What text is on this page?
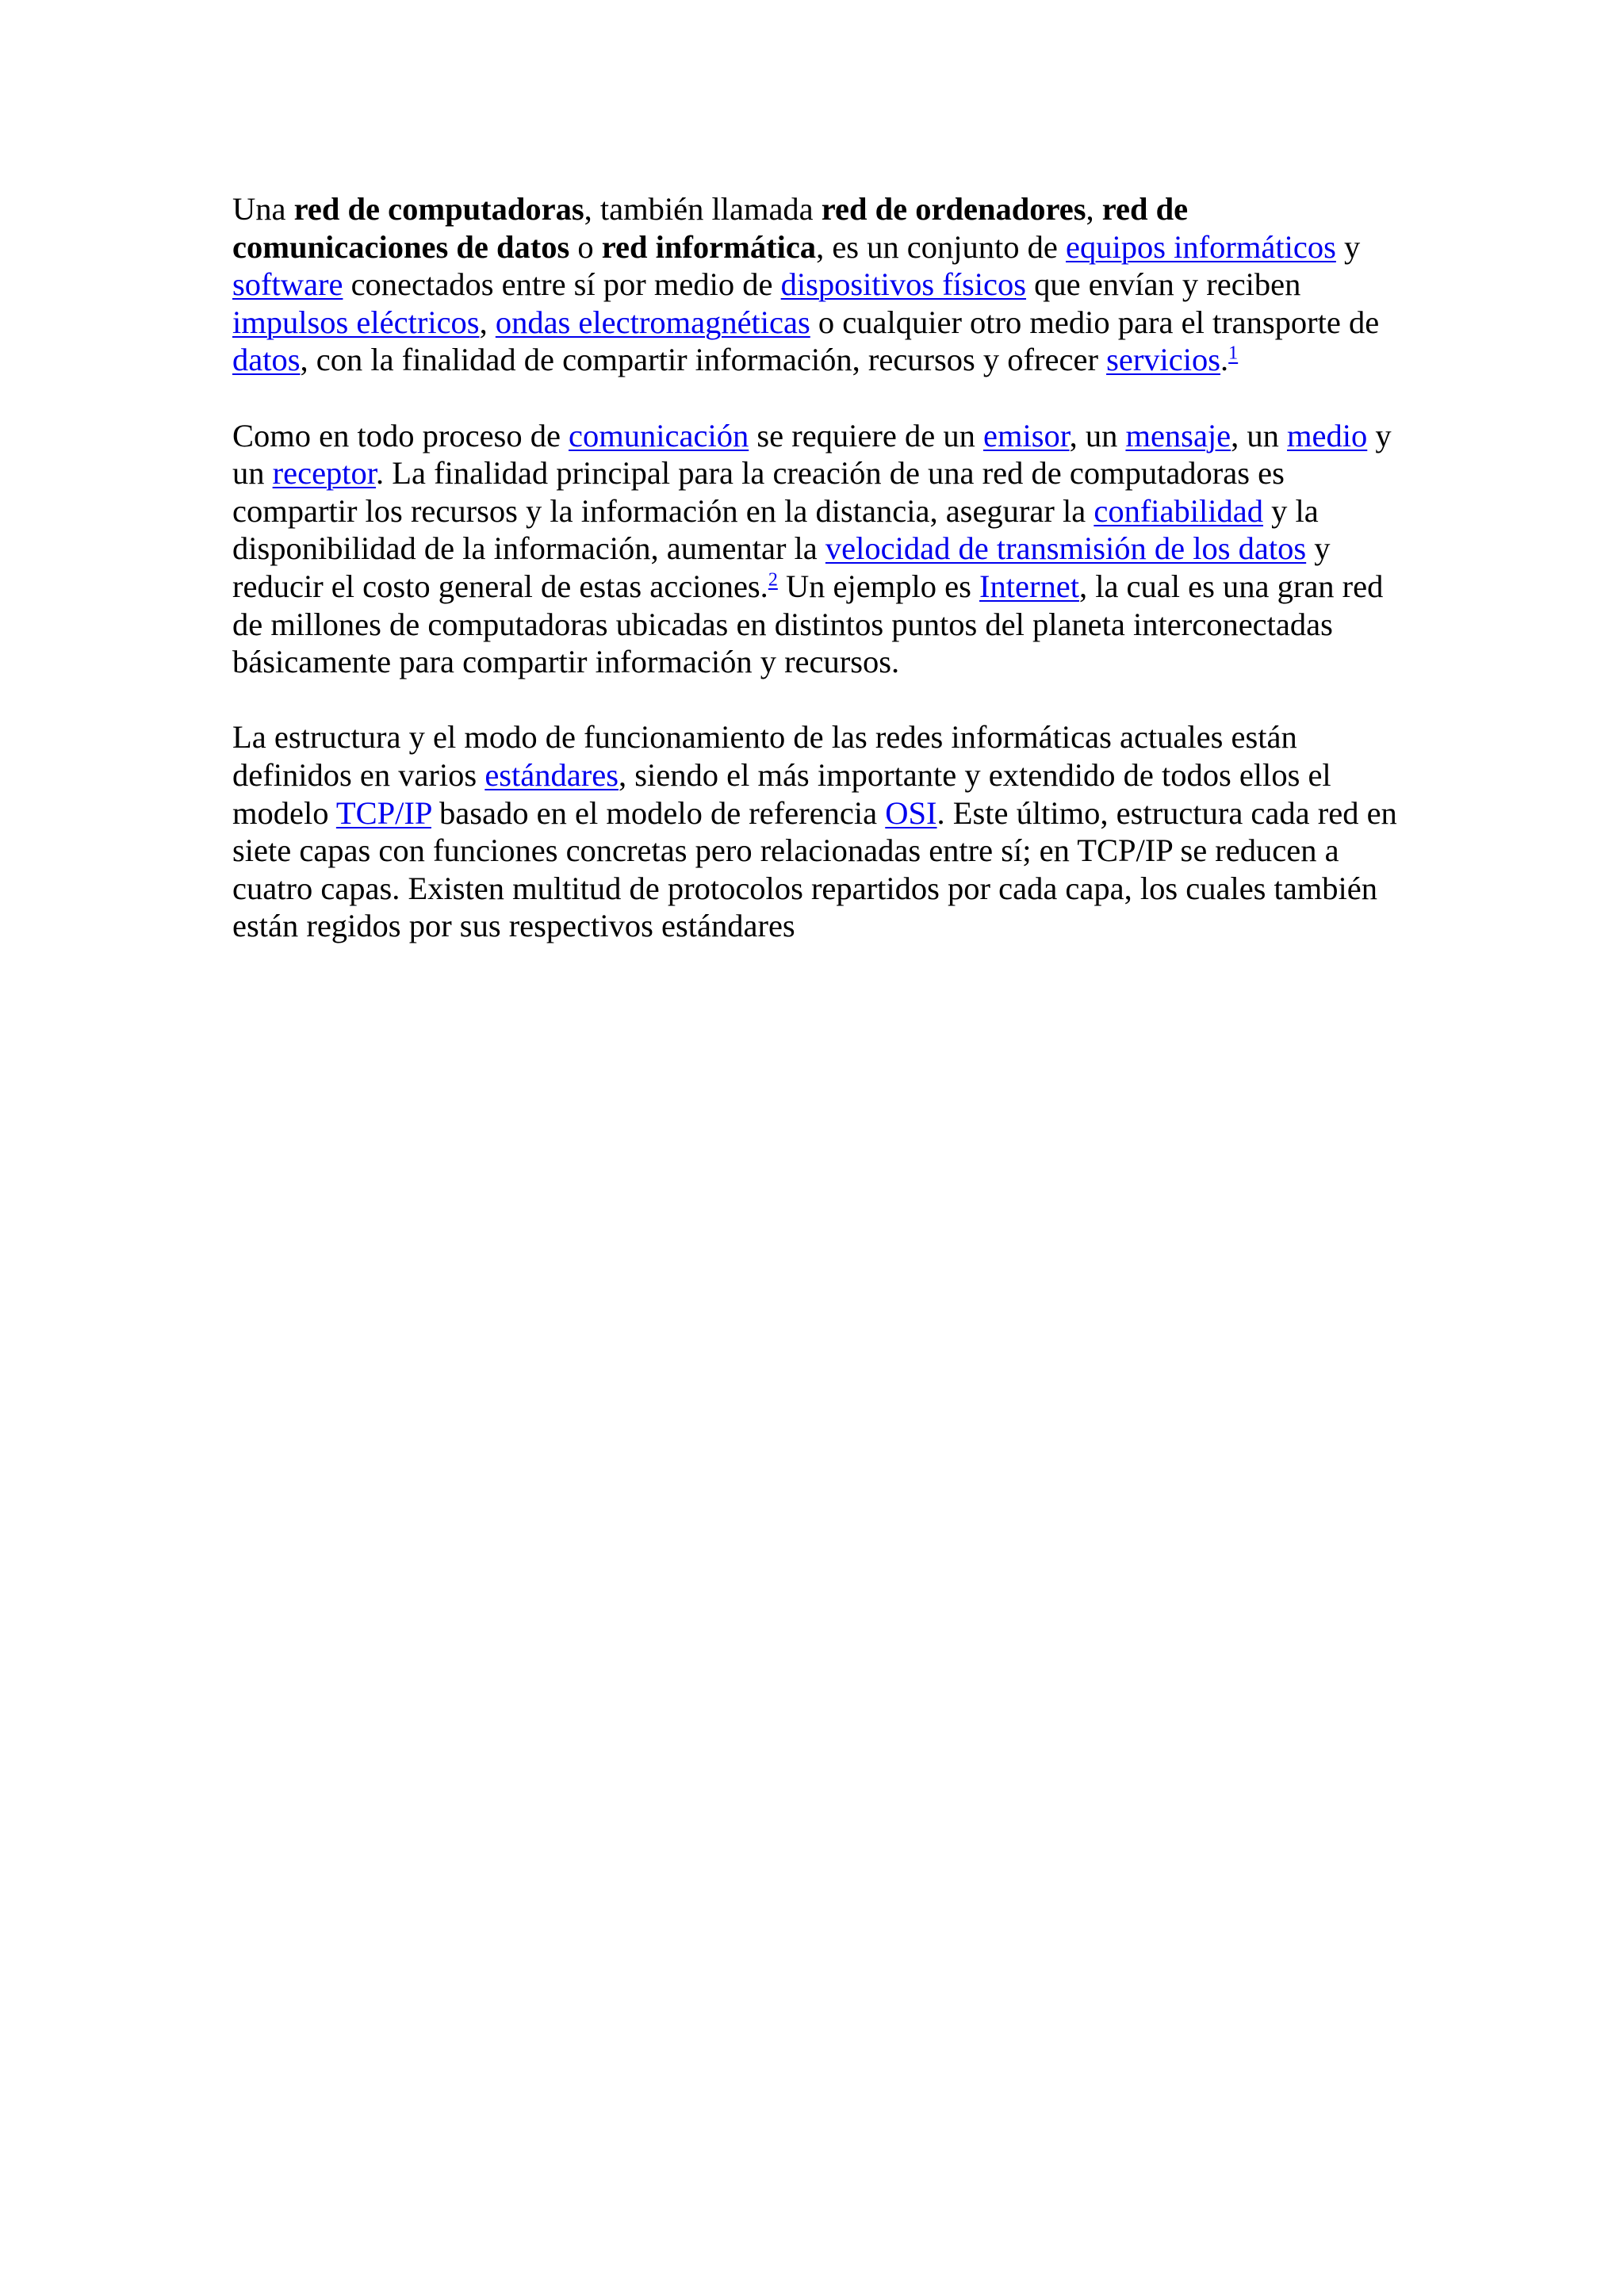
Una red de computadoras, también llamada red de ordenadores, red de comunicaciones de datos o red informática, es un conjunto de equipos informáticos y software conectados entre sí por medio de dispositivos físicos que envían y reciben impulsos eléctricos, ondas electromagnéticas o cualquier otro medio para el transporte de datos, con la finalidad de compartir información, recursos y ofrecer servicios.$^1$

Como en todo proceso de comunicación se requiere de un emisor, un mensaje, un medio y un receptor. La finalidad principal para la creación de una red de computadoras es compartir los recursos y la información en la distancia, asegurar la confiabilidad y la disponibilidad de la información, aumentar la velocidad de transmisión de los datos y reducir el costo general de estas acciones.$^2$ Un ejemplo es Internet, la cual es una gran red de millones de computadoras ubicadas en distintos puntos del planeta interconectadas básicamente para compartir información y recursos.

La estructura y el modo de funcionamiento de las redes informáticas actuales están definidos en varios estándares, siendo el más importante y extendido de todos ellos el modelo TCP/IP basado en el modelo de referencia OSI. Este último, estructura cada red en siete capas con funciones concretas pero relacionadas entre sí; en TCP/IP se reducen a cuatro capas. Existen multitud de protocolos repartidos por cada capa, los cuales también están regidos por sus respectivos estándares
